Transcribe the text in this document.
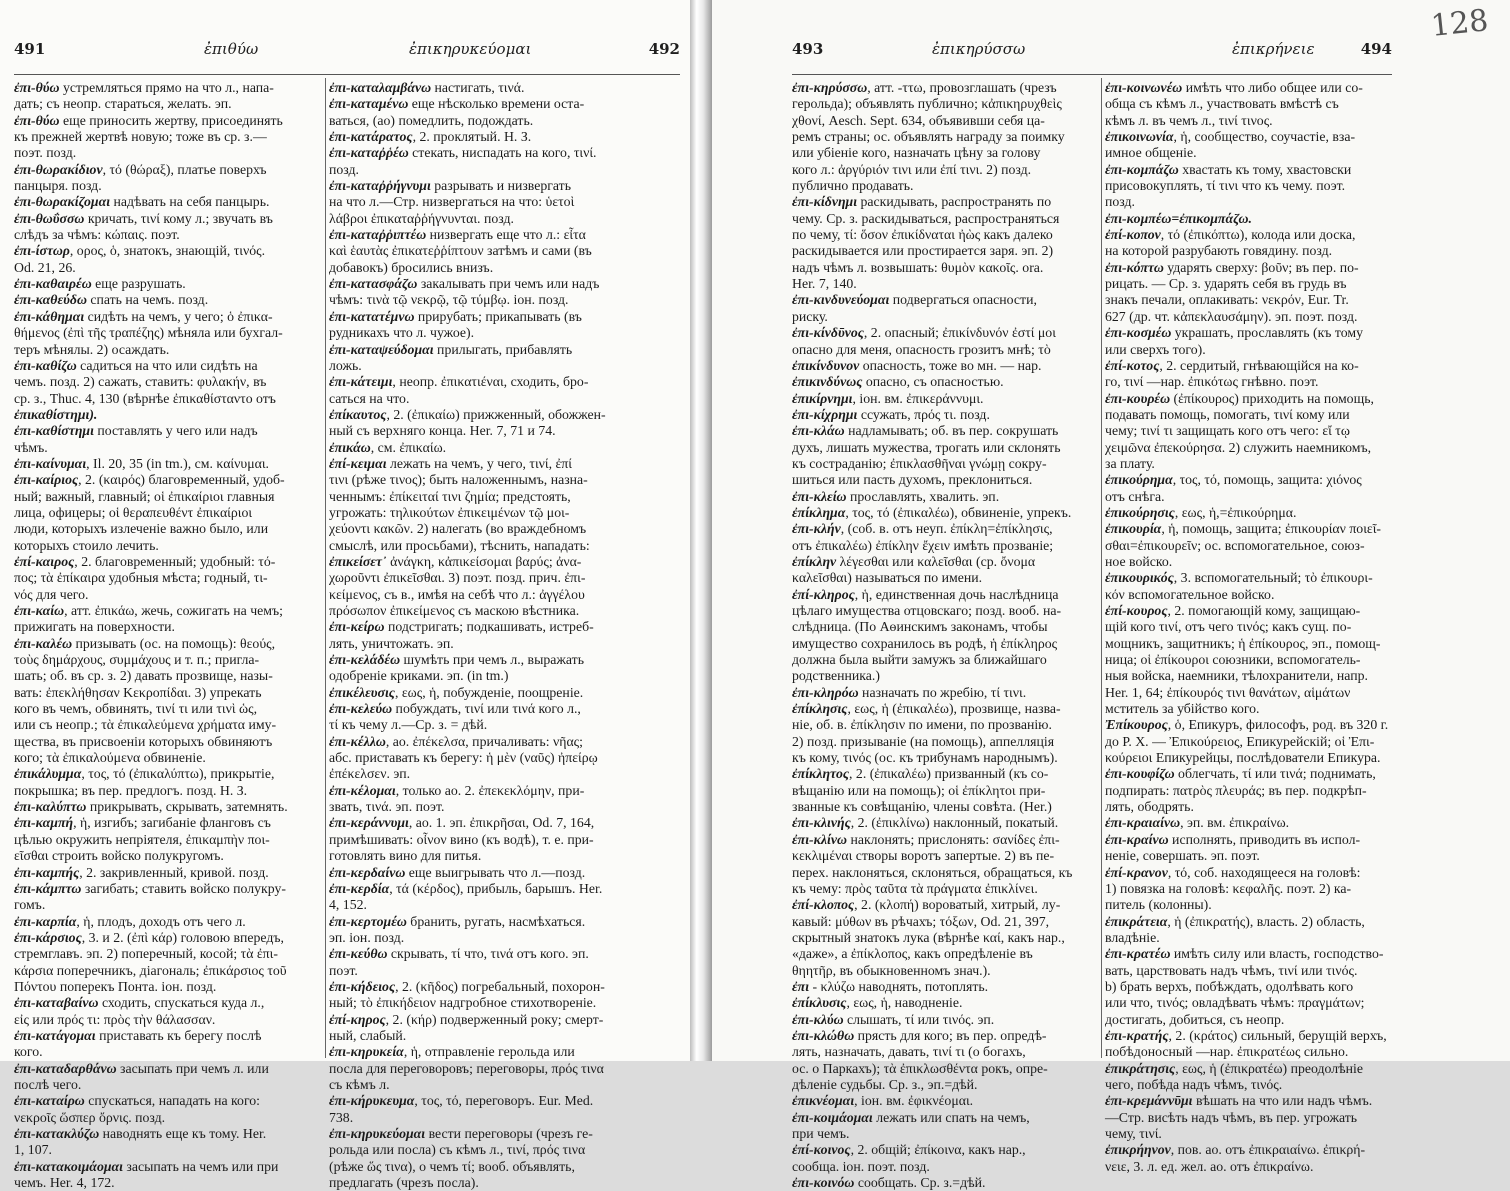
491	ἐπιθύω	ἐπικηρυκεύομαι	492
ἐπι-θύω устремляться прямо на что л., напа-
дать; съ неопр. стараться, желать. эп.
ἐπι-θύω еще приносить жертву, присоединять
къ прежней жертвѣ новую; тоже въ ср. з.—
поэт. позд.
ἐπι-θωρακίδιον, τό (θώραξ), платье поверхъ
панцыря. позд.
ἐπι-θωρακίζομαι надѣвать на себя панцырь.
ἐπι-θωΰσσω кричать, τινί кому л.; звучать въ
слѣдъ за чѣмъ: κώπαις. поэт.
ἐπι-ίστωρ, ορος, ὁ, знатокъ, знающій, τινός.
Od. 21, 26.
ἐπι-καθαιρέω еще разрушать.
ἐπι-καθεύδω спать на чемъ. позд.
ἐπι-κάθημαι сидѣть на чемъ, у чего; ὁ ἐπικα-
θήμενος (ἐπὶ τῆς τραπέζης) мѣняла или бухгал-
теръ мѣнялы. 2) осаждать.
ἐπι-καθίζω садиться на что или сидѣть на
чемъ. позд. 2) сажать, ставить: φυλακήν, въ
ср. з., Thuc. 4, 130 (вѣрнѣе ἐπικαθίσταντο отъ
ἐπικαθίστημι).
ἐπι-καθίστημι поставлять у чего или надъ
чѣмъ.
ἐπι-καίνυμαι, Il. 20, 35 (in tm.), см. καίνυμαι.
ἐπι-καίριος, 2. (καιρός) благовременный, удоб-
ный; важный, главный; οἱ ἐπικαίριοι главныя
лица, офицеры; οἱ θεραπευθέντ ἐπικαίριοι
люди, которыхъ излеченіе важно было, или
которыхъ стоило лечить.
ἐπί-καιρος, 2. благовременный; удобный: τό-
πος; τὰ ἐπίκαιρα удобныя мѣста; годный, τι-
νός для чего.
ἐπι-καίω, атт. ἐπικάω, жечь, сожигать на чемъ;
прижигать на поверхности.
ἐπι-καλέω призывать (ос. на помощь): θεούς,
τοὺς δημάρχους, συμμάχους и т. п.; пригла-
шать; об. въ ср. з. 2) давать прозвище, назы-
вать: ἐπεκλήθησαν Κεκροπίδαι. 3) упрекать
кого въ чемъ, обвинять, τινί τι или τινὶ ὡς,
или съ неопр.; τὰ ἐπικαλεύμενα χρήματα иму-
щества, въ присвоеніи которыхъ обвиняютъ
кого; τὰ ἐπικαλούμενα обвиненіе.
ἐπικάλυμμα, τος, τό (ἐπικαλύπτω), прикрытіе,
покрышка; въ пер. предлогъ. позд. Н. З.
ἐπι-καλύπτω прикрывать, скрывать, затемнять.
ἐπι-καμπή, ἡ, изгибъ; загибаніе фланговъ съ
цѣлью окружить непріятеля, ἐπικαμπὴν ποι-
εῖσθαι строить войско полукругомъ.
ἐπι-καμπής, 2. закривленный, кривой. позд.
ἐπι-κάμπτω загибать; ставить войско полукру-
гомъ.
ἐπι-καρπία, ἡ, плодъ, доходъ отъ чего л.
ἐπι-κάρσιος, 3. и 2. (ἐπὶ κάρ) головою впередъ,
стремглавъ. эп. 2) поперечный, косой; τὰ ἐπι-
κάρσια поперечникъ, діагональ; ἐπικάρσιος τοῦ
Πόντου поперекъ Понта. іон. позд.
ἐπι-καταβαίνω сходить, спускаться куда л.,
εἰς или πρός τι: πρὸς τὴν θάλασσαν.
ἐπι-κατάγομαι приставать къ берегу послѣ
кого.
ἐπι-καταδαρθάνω засыпать при чемъ л. или
послѣ чего.
ἐπι-καταίρω спускаться, нападать на кого:
νεκροῖς ὥσπερ ὄρνις. позд.
ἐπι-κατακλύζω наводнять еще къ тому. Her.
1, 107.
ἐπι-κατακοιμάομαι засыпать на чемъ или при
чемъ. Her. 4, 172.
ἐπι-καταλαμβάνω настигать, τινά.
ἐπι-καταμένω еще нѣсколько времени оста-
ваться, (ao) помедлить, подождать.
ἐπι-κατάρατος, 2. проклятый. Н. З.
ἐπι-καταῤῥέω стекать, ниспадать на кого, τινί.
позд.
ἐπι-καταῤῥήγνυμι разрывать и низвергать
на что л.—Стр. низвергаться на что: ὑετοὶ
λάβροι ἐπικαταῤῥήγνυνται. позд.
ἐπι-καταῤῥιπτέω низвергать еще что л.: εἶτα
καὶ ἑαυτὰς ἐπικατεῤῥίπτουν затѣмъ и сами (въ
добавокъ) бросились внизъ.
ἐπι-κατασφάζω закалывать при чемъ или надъ
чѣмъ: τινὰ τῷ νεκρῷ, τῷ τύμβῳ. іон. позд.
ἐπι-κατατέμνω прирубать; прикапывать (въ
рудникахъ что л. чужое).
ἐπι-καταψεύδομαι прилыгать, прибавлять
ложь.
ἐπι-κάτειμι, неопр. ἐπικατιέναι, сходить, бро-
саться на что.
ἐπίκαυτος, 2. (ἐπικαίω) прижженный, обожжен-
ный съ верхняго конца. Her. 7, 71 и 74.
ἐπικάω, см. ἐπικαίω.
ἐπί-κειμαι лежать на чемъ, у чего, τινί, ἐπί
τινι (рѣже τινος); быть наложеннымъ, назна-
ченнымъ: ἐπίκειταί τινι ζημία; предстоять,
угрожать: τηλικούτων ἐπικειμένων τῷ μοι-
χεύοντι κακῶν. 2) налегать (во враждебномъ
смыслѣ, или просьбами), тѣснить, нападать:
ἐπικείσετ᾽ ἀνάγκη, κἀπικείσομαι βαρύς; ἀνα-
χωροῦντι ἐπικεῖσθαι. 3) поэт. позд. прич. ἐπι-
κείμενος, съ в., имѣя на себѣ что л.: ἀγγέλου
πρόσωπον ἐπικείμενος съ маскою вѣстника.
ἐπι-κείρω подстригать; подкашивать, истреб-
лять, уничтожать. эп.
ἐπι-κελάδέω шумѣть при чемъ л., выражать
одобреніе криками. эп. (in tm.)
ἐπικέλευσις, εως, ἡ, побужденіе, поощреніе.
ἐπι-κελεύω побуждать, τινί или τινά кого л.,
τί къ чему л.—Ср. з. = дѣй.
ἐπι-κέλλω, ао. ἐπέκελσα, причаливать: νῆας;
абс. приставать къ берегу: ἡ μὲν (ναῦς) ἠπείρῳ
ἐπέκελσεν. эп.
ἐπι-κέλομαι, только ао. 2. ἐπεκεκλόμην, при-
звать, τινά. эп. поэт.
ἐπι-κεράννυμι, ао. 1. эп. ἐπικρῆσαι, Od. 7, 164,
примѣшивать: οἶνον вино (къ водѣ), т. е. при-
готовлять вино для питья.
ἐπι-κερδαίνω еще выигрывать что л.—позд.
ἐπι-κερδία, τά (κέρδος), прибыль, барышъ. Her.
4, 152.
ἐπι-κερτομέω бранить, ругать, насмѣхаться.
эп. іон. позд.
ἐπι-κεύθω скрывать, τί что, τινά отъ кого. эп.
поэт.
ἐπι-κήδειος, 2. (κῆδος) погребальный, похорон-
ный; τὸ ἐπικήδειον надгробное стихотвореніе.
ἐπί-κηρος, 2. (κήρ) подверженный року; смерт-
ный, слабый.
ἐπι-κηρυκεία, ἡ, отправленіе герольда или
посла для переговоровъ; переговоры, πρός τινα
съ кѣмъ л.
ἐπι-κήρυκευμα, τος, τό, переговоръ. Eur. Med.
738.
ἐπι-κηρυκεύομαι вести переговоры (чрезъ ге-
рольда или посла) съ кѣмъ л., τινί, πρός τινα
(рѣже ὥς τινα), о чемъ τί; вооб. объявлять,
предлагать (чрезъ посла).
128
493	ἐπικηρύσσω	ἐπικρήνειε	494
ἐπι-κηρύσσω, атт. -ττω, провозглашать (чрезъ
герольда); объявлять публично; κἀπικηρυχθεὶς
χθονί, Aesch. Sept. 634, объявивши себя ца-
ремъ страны; ос. объявлять награду за поимку
или убіеніе кого, назначать цѣну за голову
кого л.: ἀργύριόν τινι или ἐπί τινι. 2) позд.
публично продавать.
ἐπι-κίδνημι раскидывать, распространять по
чему. Ср. з. раскидываться, распространяться
по чему, τί: ὅσον ἐπικίδναται ἠὼς какъ далеко
раскидывается или простирается заря. эп. 2)
надъ чѣмъ л. возвышать: θυμὸν κακοῖς. ora.
Her. 7, 140.
ἐπι-κινδυνεύομαι подвергаться опасности,
риску.
ἐπι-κίνδῡνος, 2. опасный; ἐπικίνδυνόν ἐστί μοι
опасно для меня, опасность грозитъ мнѣ; τὸ
ἐπικίνδυνον опасность, тоже во мн. — нар.
ἐπικινδύνως опасно, съ опасностью.
ἐπικίρνημι, іон. вм. ἐπικεράννυμι.
ἐπι-κίχρημι ссужать, πρός τι. позд.
ἐπι-κλάω надламывать; об. въ пер. сокрушать
духъ, лишать мужества, трогать или склонять
къ состраданію; ἐπικλασθῆναι γνώμῃ сокру-
шиться или пасть духомъ, преклониться.
ἐπι-κλείω прославлять, хвалить. эп.
ἐπίκλημα, τος, τό (ἐπικαλέω), обвиненіе, упрекъ.
ἐπι-κλήν, (соб. в. отъ неуп. ἐπίκλη=ἐπίκλησις,
отъ ἐπικαλέω) ἐπίκλην ἔχειν имѣть прозваніе;
ἐπίκλην λέγεσθαι или καλεῖσθαι (ср. ὄνομα
καλεῖσθαι) называться по имени.
ἐπί-κληρος, ἡ, единственная дочь наслѣдница
цѣлаго имущества отцовскаго; позд. вооб. на-
слѣдница. (По Аѳинскимъ законамъ, чтобы
имущество сохранилось въ родѣ, ἡ ἐπίκληρος
должна была выйти замужъ за ближайшаго
родственника.)
ἐπι-κληρόω назначать по жребію, τί τινι.
ἐπίκλησις, εως, ἡ (ἐπικαλέω), прозвище, назва-
ніе, об. в. ἐπίκλησιν по имени, по прозванію.
2) позд. призываніе (на помощь), аппелляція
къ кому, τινός (ос. къ трибунамъ народнымъ).
ἐπίκλητος, 2. (ἐπικαλέω) призванный (къ со-
вѣщанію или на помощь); οἱ ἐπίκλητοι при-
званные къ совѣщанію, члены совѣта. (Her.)
ἐπι-κλινής, 2. (ἐπικλίνω) наклонный, покатый.
ἐπι-κλίνω наклонять; прислонять: σανίδες ἐπι-
κεκλιμέναι створы воротъ запертые. 2) въ пе-
перех. наклоняться, склоняться, обращаться, къ
къ чему: πρὸς ταῦτα τὰ πράγματα ἐπικλίνει.
ἐπί-κλοπος, 2. (κλοπή) вороватый, хитрый, лу-
кавый: μύθων въ рѣчахъ; τόξων, Od. 21, 397,
скрытный знатокъ лука (вѣрнѣе καί, какъ нар.,
«даже», а ἐπίκλοπος, какъ опредѣленіе въ
θηητῆρ, въ обыкновенномъ знач.).
ἐπι - κλύζω наводнять, потоплять.
ἐπίκλυσις, εως, ἡ, наводненіе.
ἐπι-κλύω слышать, τί или τινός. эп.
ἐπι-κλώθω прясть для кого; въ пер. опредѣ-
лять, назначать, давать, τινί τι (о богахъ,
ос. о Паркахъ); τὰ ἐπικλωσθέντα рокъ, опре-
дѣленіе судьбы. Ср. з., эп.=дѣй.
ἐπικνέομαι, іон. вм. ἐφικνέομαι.
ἐπι-κοιμάομαι лежать или спать на чемъ,
при чемъ.
ἐπί-κοινος, 2. общій; ἐπίκοινα, какъ нар.,
сообща. іон. поэт. позд.
ἐπι-κοινόω сообщать. Ср. з.=дѣй.
ἐπι-κοινωνέω имѣть что либо общее или со-
обща съ кѣмъ л., участвовать вмѣстѣ съ
кѣмъ л. въ чемъ л., τινί τινος.
ἐπικοινωνία, ἡ, сообщество, соучастіе, вза-
имное общеніе.
ἐπι-κομπάζω хвастать къ тому, хвастовски
присовокуплять, τί τινι что къ чему. поэт.
позд.
ἐπι-κομπέω=ἐπικομπάζω.
ἐπί-κοπον, τό (ἐπικόπτω), колода или доска,
на которой разрубають говядину. позд.
ἐπι-κόπτω ударять сверху: βοῦν; въ пер. по-
рицать. — Ср. з. ударять себя въ грудь въ
знакъ печали, оплакивать: νεκρόν, Eur. Tr.
627 (др. чт. κἀπεκλαυσάμην). эп. поэт. позд.
ἐπι-κοσμέω украшать, прославлять (къ тому
или сверхъ того).
ἐπί-κοτος, 2. сердитый, гнѣвающійся на ко-
го, τινί —нар. ἐπικότως гнѣвно. поэт.
ἐπι-κουρέω (ἐπίκουρος) приходить на помощь,
подавать помощь, помогать, τινί кому или
чему; τινί τι защищать кого отъ чего: εἴ τῳ
χειμῶνα ἐπεκούρησα. 2) служить наемникомъ,
за плату.
ἐπικούρημα, τος, τό, помощь, защита: χιόνος
отъ снѣга.
ἐπικούρησις, εως, ἡ,=ἐπικούρημα.
ἐπικουρία, ἡ, помощь, защита; ἐπικουρίαν ποιεῖ-
σθαι=ἐπικουρεῖν; ос. вспомогательное, союз-
ное войско.
ἐπικουρικός, 3. вспомогательный; τὸ ἐπικουρι-
κόν вспомогательное войско.
ἐπί-κουρος, 2. помогающій кому, защищаю-
щій кого τινί, отъ чего τινός; какъ сущ. по-
мощникъ, защитникъ; ἡ ἐπίκουρος, эп., помощ-
ница; οἱ ἐπίκουροι союзники, вспомогатель-
ныя войска, наемники, тѣлохранители, напр.
Her. 1, 64; ἐπίκουρός τινι θανάτων, αἱμάτων
мститель за убійство кого.
Ἐπίκουρος, ὁ, Епикуръ, философъ, род. въ 320 г.
до Р. Х. — Ἐπικούρειος, Епикурейскій; οἱ Ἐπι-
κούρειοι Епикурейцы, послѣдователи Епикура.
ἐπι-κουφίζω облегчать, τί или τινά; поднимать,
подпирать: πατρὸς πλευράς; въ пер. подкрѣп-
лять, ободрять.
ἐπι-κραιαίνω, эп. вм. ἐπικραίνω.
ἐπι-κραίνω исполнять, приводить въ испол-
неніе, совершать. эп. поэт.
ἐπί-κρανον, τό, соб. находящееся на головѣ:
1) повязка на головѣ: κεφαλῆς. поэт. 2) ка-
питель (колонны).
ἐπικράτεια, ἡ (ἐπικρατής), власть. 2) область,
владѣніе.
ἐπι-κρατέω имѣть силу или власть, господство-
вать, царствовать надъ чѣмъ, τινί или τινός.
b) брать верхъ, побѣждать, одолѣвать кого
или что, τινός; овладѣвать чѣмъ: πραγμάτων;
достигать, добиться, съ неопр.
ἐπι-κρατής, 2. (κράτος) сильный, берущій верхъ,
побѣдоносный —нар. ἐπικρατέως сильно.
ἐπικράτησις, εως, ἡ (ἐπικρατέω) преодолѣніе
чего, побѣда надъ чѣмъ, τινός.
ἐπι-κρεμάννῡμι вѣшать на что или надъ чѣмъ.
—Стр. висѣть надъ чѣмъ, въ пер. угрожать
чему, τινί.
ἐπικρήηνον, пов. ао. отъ ἐπικραιαίνω. ἐπικρή-
νειε, 3. л. ед. жел. ао. отъ ἐπικραίνω.
